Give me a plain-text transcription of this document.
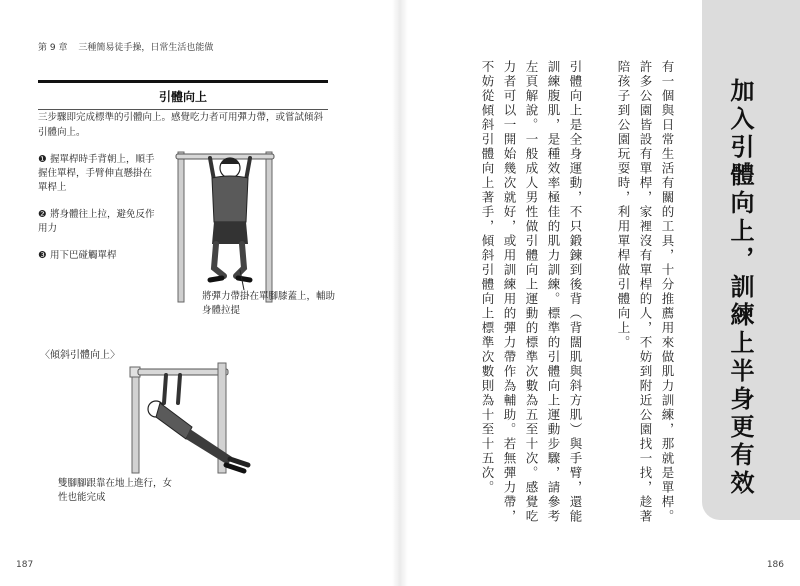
第 9 章 三種簡易徒手操，日常生活也能做
引體向上
三步驟即完成標準的引體向上。感覺吃力者可用彈力帶，或嘗試傾斜引體向上。
❶ 握單桿時手背朝上，順手握住單桿，手臂伸直懸掛在單桿上
❷ 將身體往上拉，避免反作用力
❸ 用下巴碰觸單桿
將彈力帶掛在單腳膝蓋上，輔助身體拉提
〈傾斜引體向上〉
雙腳腳跟靠在地上進行，女性也能完成
187
加入引體向上，訓練上半身更有效
有一個與日常生活有關的工具，十分推薦用來做肌力訓練，那就是單桿。許多公園皆設有單桿，家裡沒有單桿的人，不妨到附近公園找一找，趁著陪孩子到公園玩耍時，利用單桿做引體向上。
引體向上是全身運動，不只鍛鍊到後背（背闊肌與斜方肌）與手臂，還能訓練腹肌，是種效率極佳的肌力訓練。標準的引體向上運動步驟，請參考左頁解說。一般成人男性做引體向上運動的標準次數為五至十次。感覺吃力者可以一開始幾次就好，或用訓練用的彈力帶作為輔助。若無彈力帶，不妨從傾斜引體向上著手，傾斜引體向上標準次數則為十至十五次。
186
